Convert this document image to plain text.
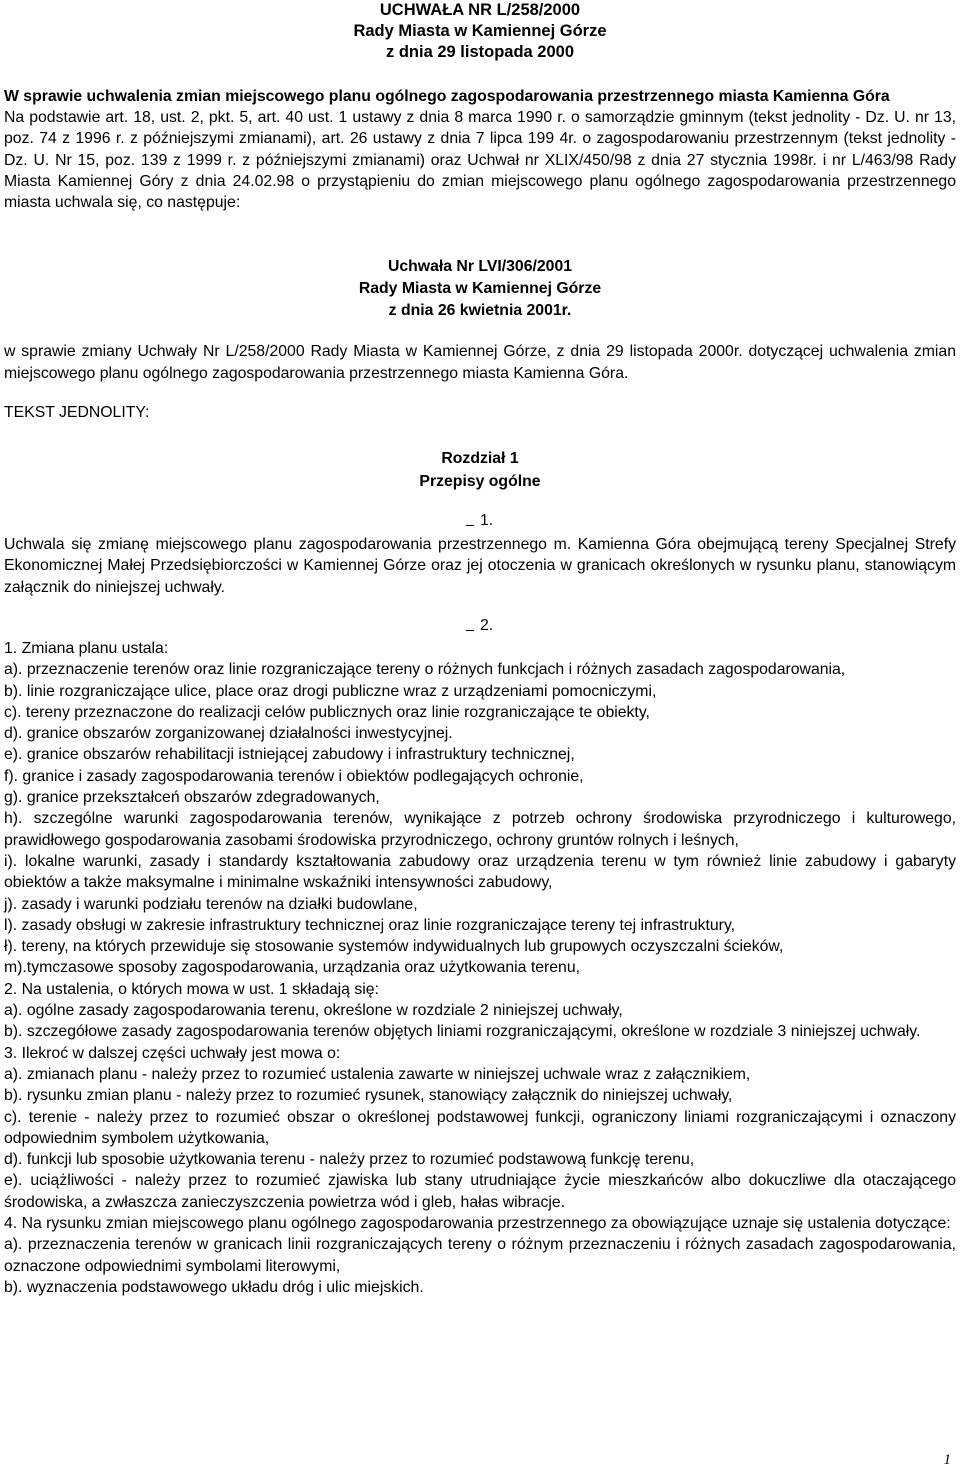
UCHWAŁA NR L/258/2000
Rady Miasta w Kamiennej Górze
z dnia 29 listopada 2000
W sprawie uchwalenia zmian miejscowego planu ogólnego zagospodarowania przestrzennego miasta Kamienna Góra
Na podstawie art. 18, ust. 2, pkt. 5, art. 40 ust. 1 ustawy z dnia 8 marca 1990 r. o samorządzie gminnym (tekst jednolity - Dz. U. nr 13, poz. 74 z 1996 r. z późniejszymi zmianami), art. 26 ustawy z dnia 7 lipca 199 4r. o zagospodarowaniu przestrzennym (tekst jednolity - Dz. U. Nr 15, poz. 139 z 1999 r. z późniejszymi zmianami) oraz Uchwał nr XLIX/450/98 z dnia 27 stycznia 1998r. i nr L/463/98 Rady Miasta Kamiennej Góry z dnia 24.02.98 o przystąpieniu do zmian miejscowego planu ogólnego zagospodarowania przestrzennego miasta uchwala się, co następuje:
Uchwała Nr LVI/306/2001
Rady Miasta w Kamiennej Górze
z dnia 26 kwietnia 2001r.
w sprawie zmiany Uchwały Nr L/258/2000 Rady Miasta w Kamiennej Górze, z dnia 29 listopada 2000r. dotyczącej uchwalenia zmian miejscowego planu ogólnego zagospodarowania przestrzennego miasta Kamienna Góra.
TEKST JEDNOLITY:
Rozdział 1
Przepisy ogólne
1.
Uchwala się zmianę miejscowego planu zagospodarowania przestrzennego m. Kamienna Góra obejmującą tereny Specjalnej Strefy Ekonomicznej Małej Przedsiębiorczości w Kamiennej Górze oraz jej otoczenia w granicach określonych w rysunku planu, stanowiącym załącznik do niniejszej uchwały.
2.

1. Zmiana planu ustala:

a). przeznaczenie terenów oraz linie rozgraniczające tereny o różnych funkcjach i różnych zasadach zagospodarowania,

b). linie rozgraniczające ulice, place oraz drogi publiczne wraz z urządzeniami pomocniczymi,

c). tereny przeznaczone do realizacji celów publicznych oraz linie rozgraniczające te obiekty,

d). granice obszarów zorganizowanej działalności inwestycyjnej.

e). granice obszarów rehabilitacji istniejącej zabudowy i infrastruktury technicznej,

f). granice i zasady zagospodarowania terenów i obiektów podlegających ochronie,

g). granice przekształceń obszarów zdegradowanych,

h). szczególne warunki zagospodarowania terenów, wynikające z potrzeb ochrony środowiska przyrodniczego i kulturowego, prawidłowego gospodarowania zasobami środowiska przyrodniczego, ochrony gruntów rolnych i leśnych,

i). lokalne warunki, zasady i standardy kształtowania zabudowy oraz urządzenia terenu w tym również linie zabudowy i gabaryty obiektów a także maksymalne i minimalne wskaźniki intensywności zabudowy,

j). zasady i warunki podziału terenów na działki budowlane,

l). zasady obsługi w zakresie infrastruktury technicznej oraz linie rozgraniczające tereny tej infrastruktury,

ł). tereny, na których przewiduje się stosowanie systemów indywidualnych lub grupowych oczyszczalni ścieków,

m).tymczasowe sposoby zagospodarowania, urządzania oraz użytkowania terenu,

2. Na ustalenia, o których mowa w ust. 1 składają się:

a). ogólne zasady zagospodarowania terenu, określone w rozdziale 2 niniejszej uchwały,

b). szczegółowe zasady zagospodarowania terenów objętych liniami rozgraniczającymi, określone w rozdziale 3 niniejszej uchwały.

3. Ilekroć w dalszej części uchwały jest mowa o:

a). zmianach planu - należy przez to rozumieć ustalenia zawarte w niniejszej uchwale wraz z załącznikiem,

b). rysunku zmian planu - należy przez to rozumieć rysunek, stanowiący załącznik do niniejszej uchwały,

c). terenie - należy przez to rozumieć obszar o określonej podstawowej funkcji, ograniczony liniami rozgraniczającymi i oznaczony odpowiednim symbolem użytkowania,

d). funkcji lub sposobie użytkowania terenu - należy przez to rozumieć podstawową funkcję terenu,

e). uciążliwości - należy przez to rozumieć zjawiska lub stany utrudniające życie mieszkańców albo dokuczliwe dla otaczającego środowiska, a zwłaszcza zanieczyszczenia powietrza wód i gleb, hałas wibracje.

4. Na rysunku zmian miejscowego planu ogólnego zagospodarowania przestrzennego za obowiązujące uznaje się ustalenia dotyczące:

a). przeznaczenia terenów w granicach linii rozgraniczających tereny o różnym przeznaczeniu i różnych zasadach zagospodarowania, oznaczone odpowiednimi symbolami literowymi,

b). wyznaczenia podstawowego układu dróg i ulic miejskich.

1
